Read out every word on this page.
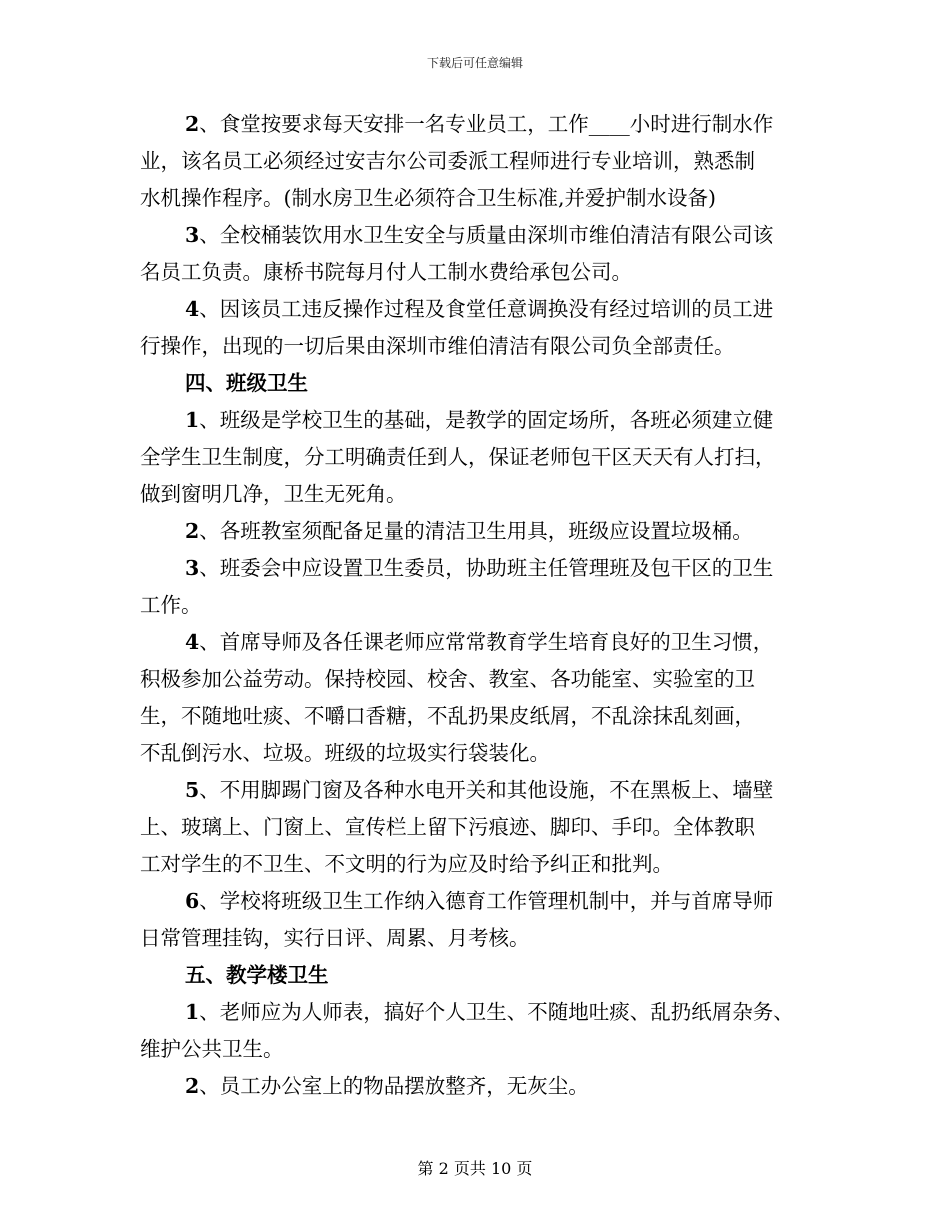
下载后可任意编辑
2、食堂按要求每天安排一名专业员工，工作____小时进行制水作
业，该名员工必须经过安吉尔公司委派工程师进行专业培训，熟悉制
水机操作程序。(制水房卫生必须符合卫生标准,并爱护制水设备)
3、全校桶装饮用水卫生安全与质量由深圳市维伯清洁有限公司该
名员工负责。康桥书院每月付人工制水费给承包公司。
4、因该员工违反操作过程及食堂任意调换没有经过培训的员工进
行操作，出现的一切后果由深圳市维伯清洁有限公司负全部责任。
四、班级卫生
1、班级是学校卫生的基础，是教学的固定场所，各班必须建立健
全学生卫生制度，分工明确责任到人，保证老师包干区天天有人打扫，
做到窗明几净，卫生无死角。
2、各班教室须配备足量的清洁卫生用具，班级应设置垃圾桶。
3、班委会中应设置卫生委员，协助班主任管理班及包干区的卫生
工作。
4、首席导师及各任课老师应常常教育学生培育良好的卫生习惯，
积极参加公益劳动。保持校园、校舍、教室、各功能室、实验室的卫
生，不随地吐痰、不嚼口香糖，不乱扔果皮纸屑，不乱涂抹乱刻画，
不乱倒污水、垃圾。班级的垃圾实行袋装化。
5、不用脚踢门窗及各种水电开关和其他设施，不在黑板上、墙壁
上、玻璃上、门窗上、宣传栏上留下污痕迹、脚印、手印。全体教职
工对学生的不卫生、不文明的行为应及时给予纠正和批判。
6、学校将班级卫生工作纳入德育工作管理机制中，并与首席导师
日常管理挂钩，实行日评、周累、月考核。
五、教学楼卫生
1、老师应为人师表，搞好个人卫生、不随地吐痰、乱扔纸屑杂务、
维护公共卫生。
2、员工办公室上的物品摆放整齐，无灰尘。
第 2 页共 10 页
